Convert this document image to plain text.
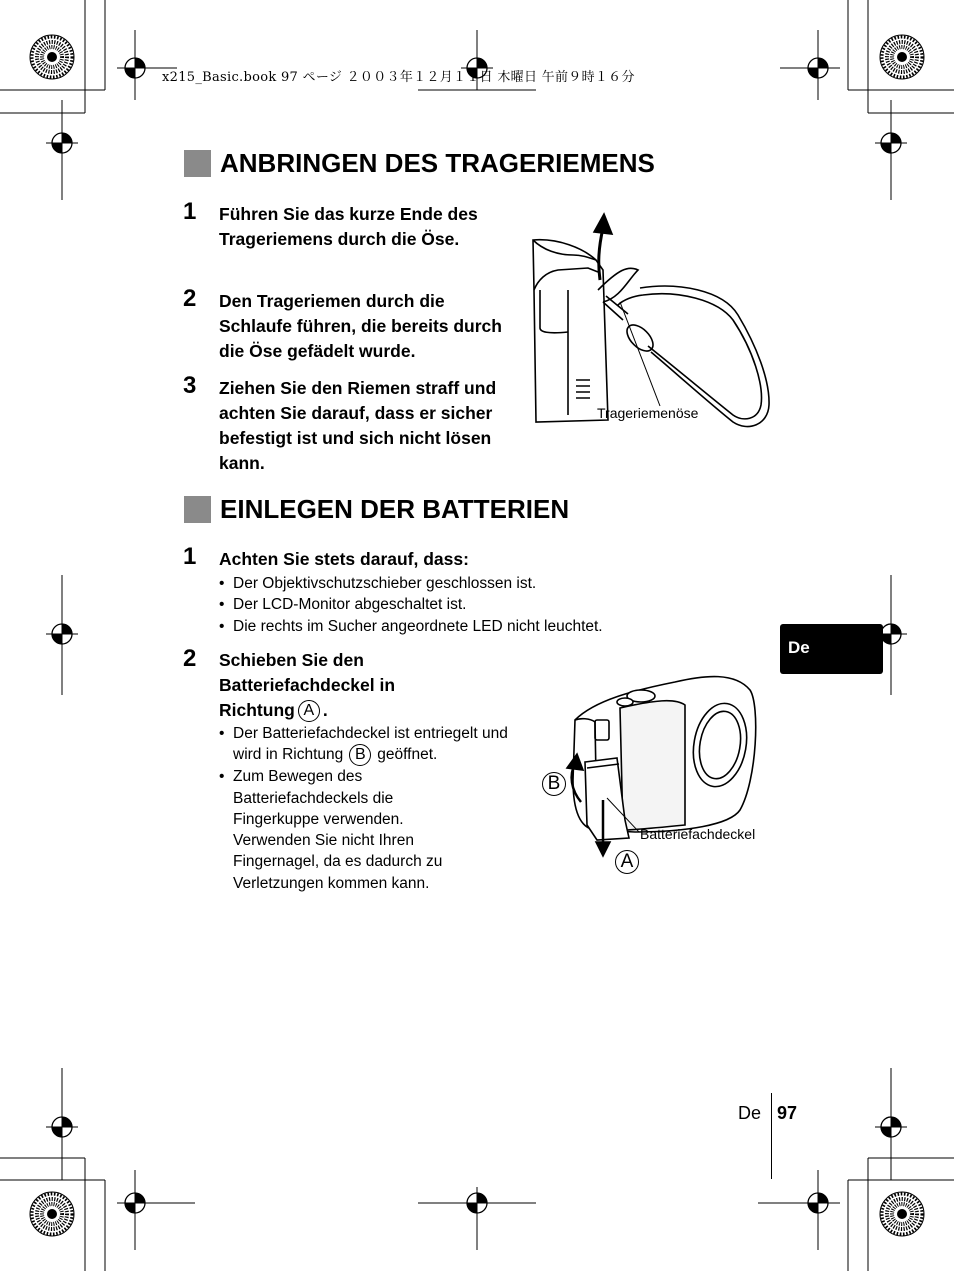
x215_Basic.book 97 ページ ２００３年１２月１１日 木曜日 午前９時１６分
ANBRINGEN DES TRAGERIEMENS
1 Führen Sie das kurze Ende des Trageriemens durch die Öse.
2 Den Trageriemen durch die Schlaufe führen, die bereits durch die Öse gefädelt wurde.
3 Ziehen Sie den Riemen straff und achten Sie darauf, dass er sicher befestigt ist und sich nicht lösen kann.
Trageriemenöse
EINLEGEN DER BATTERIEN
1 Achten Sie stets darauf, dass:
• Der Objektivschutzschieber geschlossen ist.
• Der LCD-Monitor abgeschaltet ist.
• Die rechts im Sucher angeordnete LED nicht leuchtet.
2 Schieben Sie den
Batteriefachdeckel in
Richtung A .
• Der Batteriefachdeckel ist entriegelt und wird in Richtung B geöffnet.
• Zum Bewegen des Batteriefachdeckels die Fingerkuppe verwenden. Verwenden Sie nicht Ihren Fingernagel, da es dadurch zu Verletzungen kommen kann.
B
A
Batteriefachdeckel
De
De 97
